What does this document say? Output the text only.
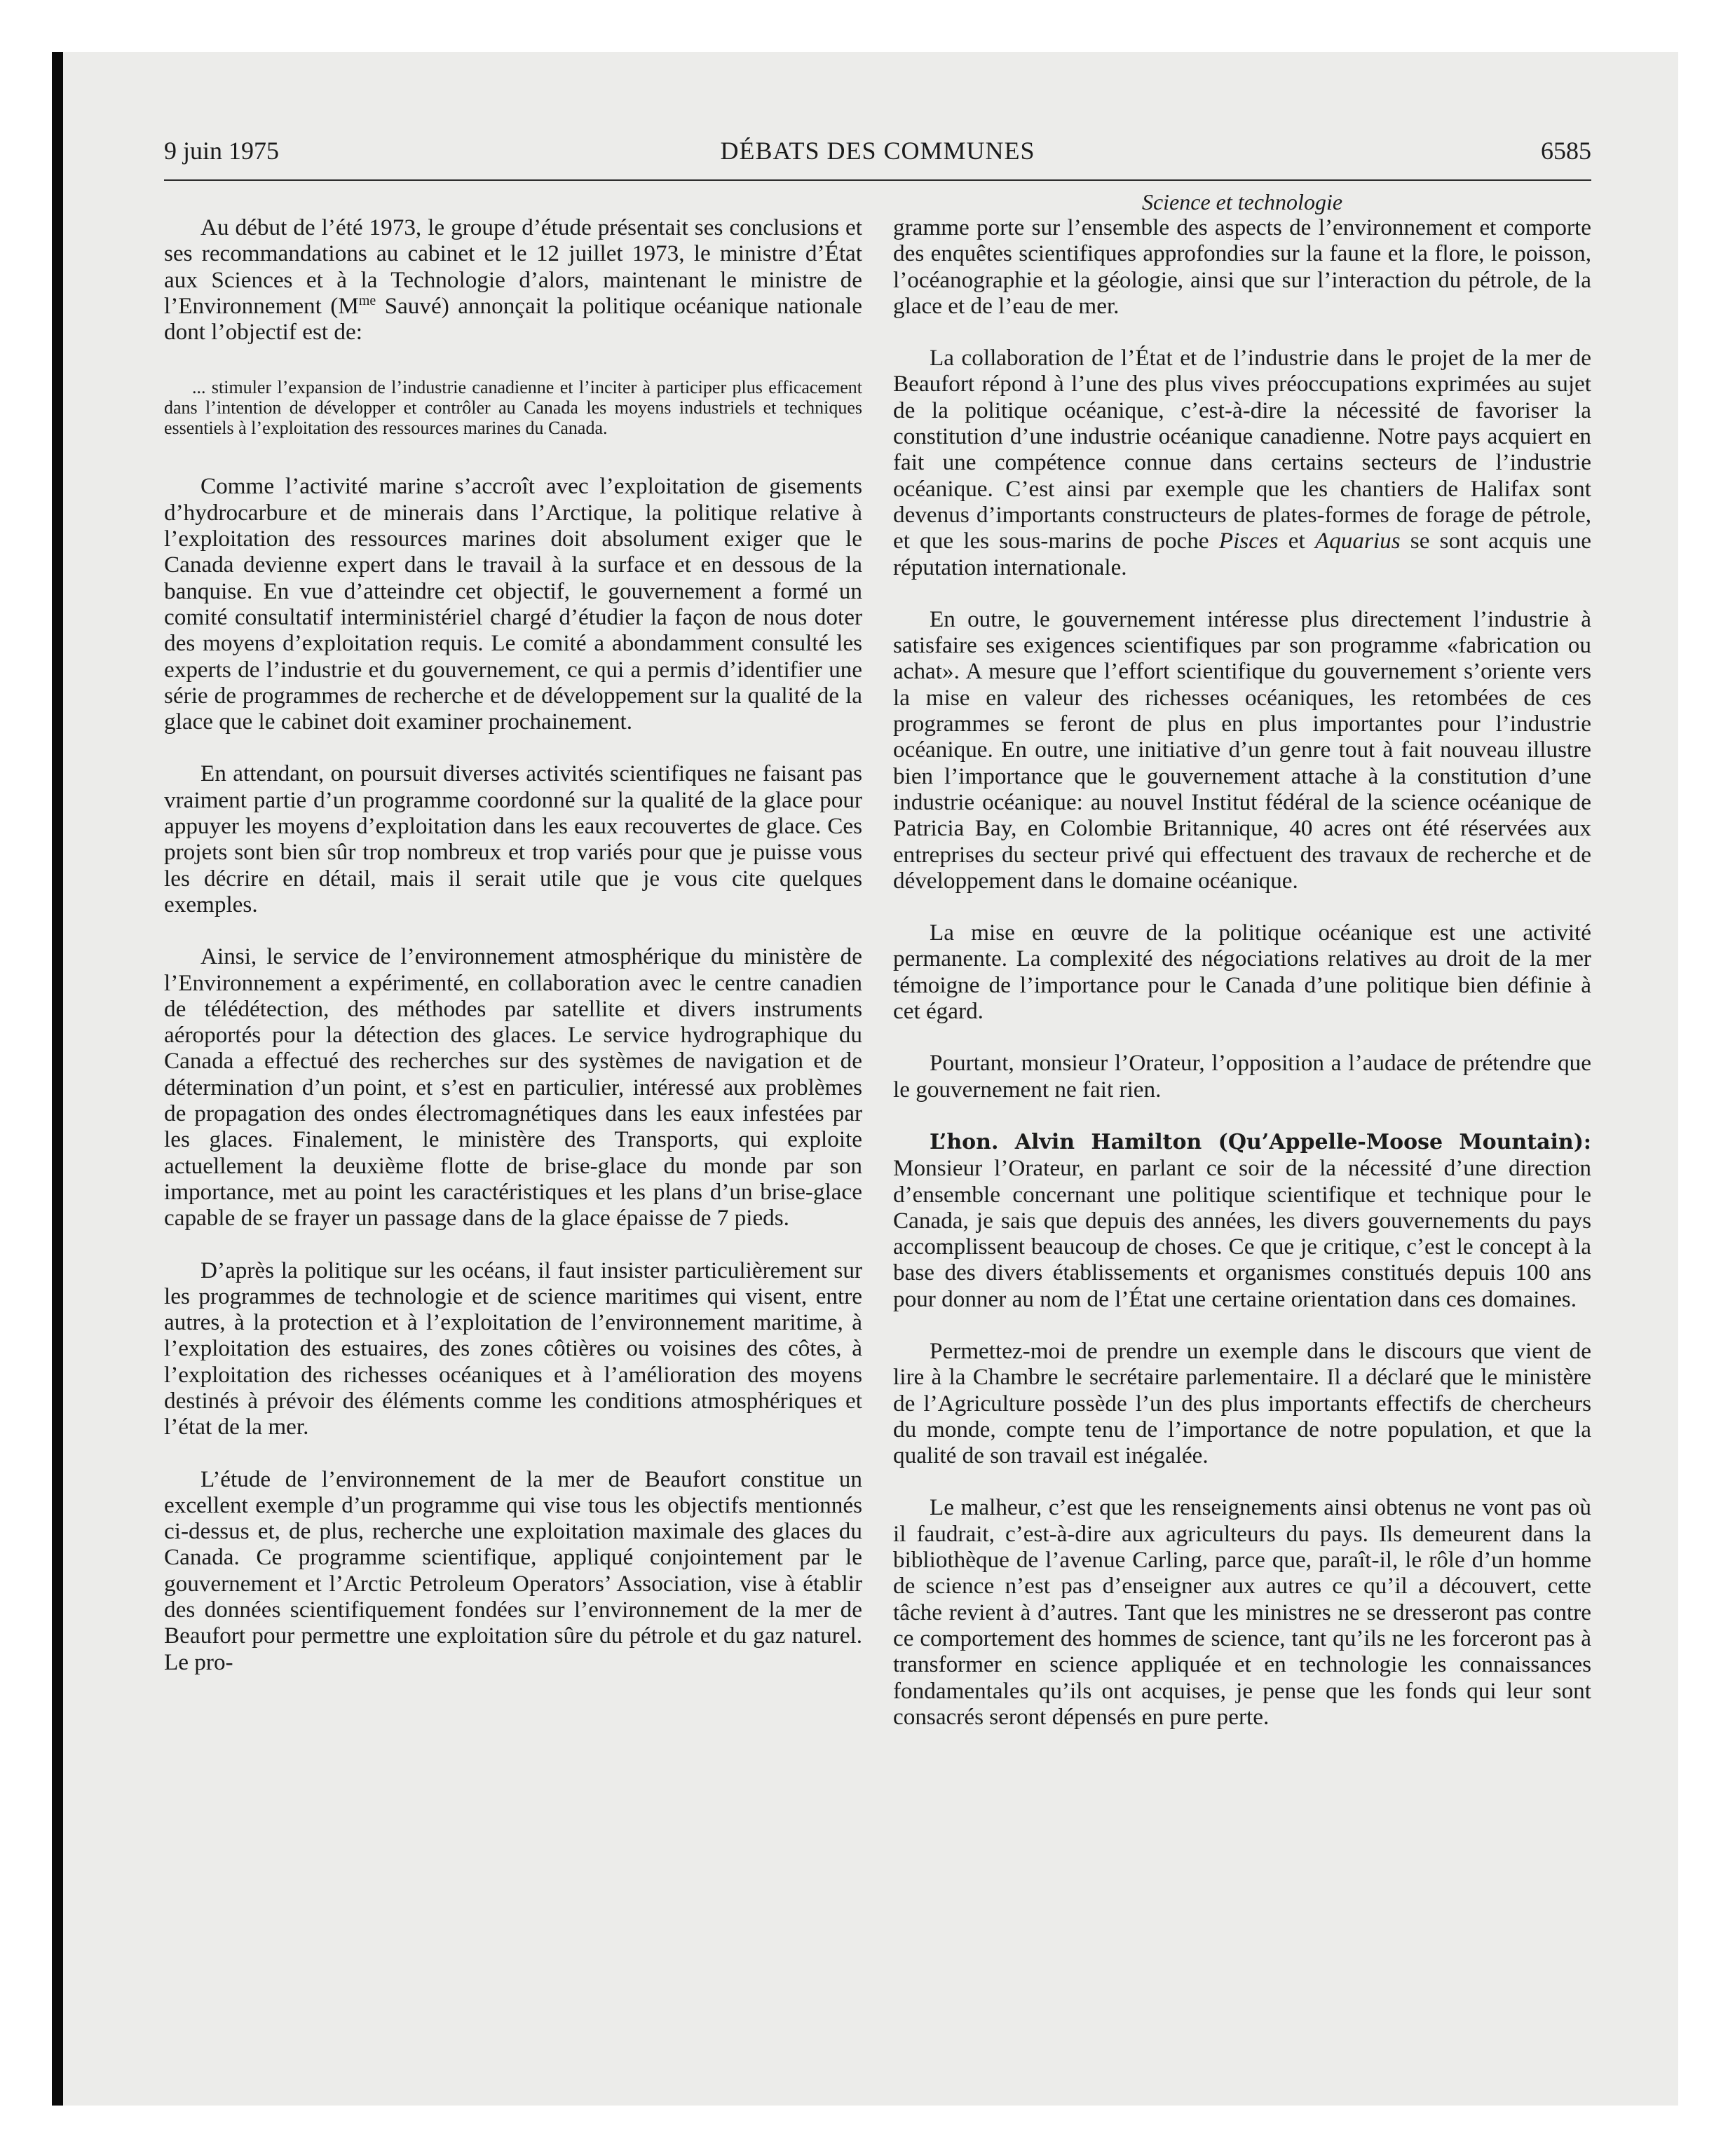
9 juin 1975	DÉBATS DES COMMUNES	6585
Science et technologie

Au début de l’été 1973, le groupe d’étude présentait ses conclusions et ses recommandations au cabinet et le 12 juillet 1973, le ministre d’État aux Sciences et à la Technologie d’alors, maintenant le ministre de l’Environnement ($M^{me}$ Sauvé) annonçait la politique océanique nationale dont l’objectif est de:

... stimuler l’expansion de l’industrie canadienne et l’inciter à participer plus efficacement dans l’intention de développer et contrôler au Canada les moyens industriels et techniques essentiels à l’exploitation des ressources marines du Canada.

Comme l’activité marine s’accroît avec l’exploitation de gisements d’hydrocarbure et de minerais dans l’Arctique, la politique relative à l’exploitation des ressources marines doit absolument exiger que le Canada devienne expert dans le travail à la surface et en dessous de la banquise. En vue d’atteindre cet objectif, le gouvernement a formé un comité consultatif interministériel chargé d’étudier la façon de nous doter des moyens d’exploitation requis. Le comité a abondamment consulté les experts de l’industrie et du gouvernement, ce qui a permis d’identifier une série de programmes de recherche et de développement sur la qualité de la glace que le cabinet doit examiner prochainement.

En attendant, on poursuit diverses activités scientifiques ne faisant pas vraiment partie d’un programme coordonné sur la qualité de la glace pour appuyer les moyens d’exploitation dans les eaux recouvertes de glace. Ces projets sont bien sûr trop nombreux et trop variés pour que je puisse vous les décrire en détail, mais il serait utile que je vous cite quelques exemples.

Ainsi, le service de l’environnement atmosphérique du ministère de l’Environnement a expérimenté, en collaboration avec le centre canadien de télédétection, des méthodes par satellite et divers instruments aéroportés pour la détection des glaces. Le service hydrographique du Canada a effectué des recherches sur des systèmes de navigation et de détermination d’un point, et s’est en particulier, intéressé aux problèmes de propagation des ondes électromagnétiques dans les eaux infestées par les glaces. Finalement, le ministère des Transports, qui exploite actuellement la deuxième flotte de brise-glace du monde par son importance, met au point les caractéristiques et les plans d’un brise-glace capable de se frayer un passage dans de la glace épaisse de 7 pieds.

D’après la politique sur les océans, il faut insister particulièrement sur les programmes de technologie et de science maritimes qui visent, entre autres, à la protection et à l’exploitation de l’environnement maritime, à l’exploitation des estuaires, des zones côtières ou voisines des côtes, à l’exploitation des richesses océaniques et à l’amélioration des moyens destinés à prévoir des éléments comme les conditions atmosphériques et l’état de la mer.

L’étude de l’environnement de la mer de Beaufort constitue un excellent exemple d’un programme qui vise tous les objectifs mentionnés ci-dessus et, de plus, recherche une exploitation maximale des glaces du Canada. Ce programme scientifique, appliqué conjointement par le gouvernement et l’Arctic Petroleum Operators’ Association, vise à établir des données scientifiquement fondées sur l’environnement de la mer de Beaufort pour permettre une exploitation sûre du pétrole et du gaz naturel. Le pro-

gramme porte sur l’ensemble des aspects de l’environnement et comporte des enquêtes scientifiques approfondies sur la faune et la flore, le poisson, l’océanographie et la géologie, ainsi que sur l’interaction du pétrole, de la glace et de l’eau de mer.

La collaboration de l’État et de l’industrie dans le projet de la mer de Beaufort répond à l’une des plus vives préoccupations exprimées au sujet de la politique océanique, c’est-à-dire la nécessité de favoriser la constitution d’une industrie océanique canadienne. Notre pays acquiert en fait une compétence connue dans certains secteurs de l’industrie océanique. C’est ainsi par exemple que les chantiers de Halifax sont devenus d’importants constructeurs de plates-formes de forage de pétrole, et que les sous-marins de poche Pisces et Aquarius se sont acquis une réputation internationale.

En outre, le gouvernement intéresse plus directement l’industrie à satisfaire ses exigences scientifiques par son programme «fabrication ou achat». A mesure que l’effort scientifique du gouvernement s’oriente vers la mise en valeur des richesses océaniques, les retombées de ces programmes se feront de plus en plus importantes pour l’industrie océanique. En outre, une initiative d’un genre tout à fait nouveau illustre bien l’importance que le gouvernement attache à la constitution d’une industrie océanique: au nouvel Institut fédéral de la science océanique de Patricia Bay, en Colombie Britannique, 40 acres ont été réservées aux entreprises du secteur privé qui effectuent des travaux de recherche et de développement dans le domaine océanique.

La mise en œuvre de la politique océanique est une activité permanente. La complexité des négociations relatives au droit de la mer témoigne de l’importance pour le Canada d’une politique bien définie à cet égard.

Pourtant, monsieur l’Orateur, l’opposition a l’audace de prétendre que le gouvernement ne fait rien.

L’hon. Alvin Hamilton (Qu’Appelle-Moose Mountain): Monsieur l’Orateur, en parlant ce soir de la nécessité d’une direction d’ensemble concernant une politique scientifique et technique pour le Canada, je sais que depuis des années, les divers gouvernements du pays accomplissent beaucoup de choses. Ce que je critique, c’est le concept à la base des divers établissements et organismes constitués depuis 100 ans pour donner au nom de l’État une certaine orientation dans ces domaines.

Permettez-moi de prendre un exemple dans le discours que vient de lire à la Chambre le secrétaire parlementaire. Il a déclaré que le ministère de l’Agriculture possède l’un des plus importants effectifs de chercheurs du monde, compte tenu de l’importance de notre population, et que la qualité de son travail est inégalée.

Le malheur, c’est que les renseignements ainsi obtenus ne vont pas où il faudrait, c’est-à-dire aux agriculteurs du pays. Ils demeurent dans la bibliothèque de l’avenue Carling, parce que, paraît-il, le rôle d’un homme de science n’est pas d’enseigner aux autres ce qu’il a découvert, cette tâche revient à d’autres. Tant que les ministres ne se dresseront pas contre ce comportement des hommes de science, tant qu’ils ne les forceront pas à transformer en science appliquée et en technologie les connaissances fondamentales qu’ils ont acquises, je pense que les fonds qui leur sont consacrés seront dépensés en pure perte.
